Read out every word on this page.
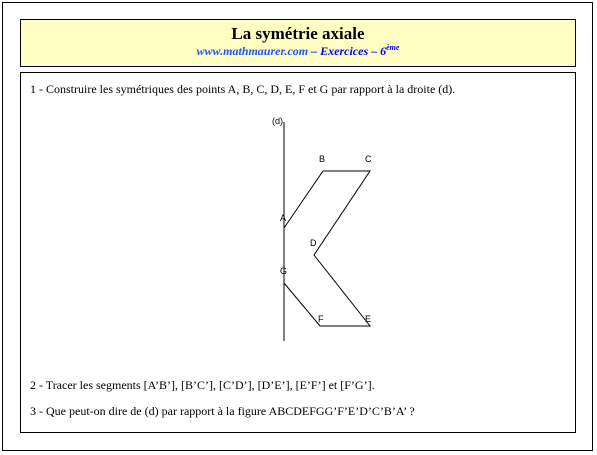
La symétrie axiale
www.mathmaurer.com – Exercices – 6ème
1 - Construire les symétriques des points A, B, C, D, E, F et G par rapport à la droite (d).
(d)
A
B	C
D
E
F
G
2 - Tracer les segments [A’B’], [B’C’], [C’D’], [D’E’], [E’F’] et [F’G’].
3 - Que peut-on dire de (d) par rapport à la figure ABCDEFGG’F’E’D’C’B’A’ ?
